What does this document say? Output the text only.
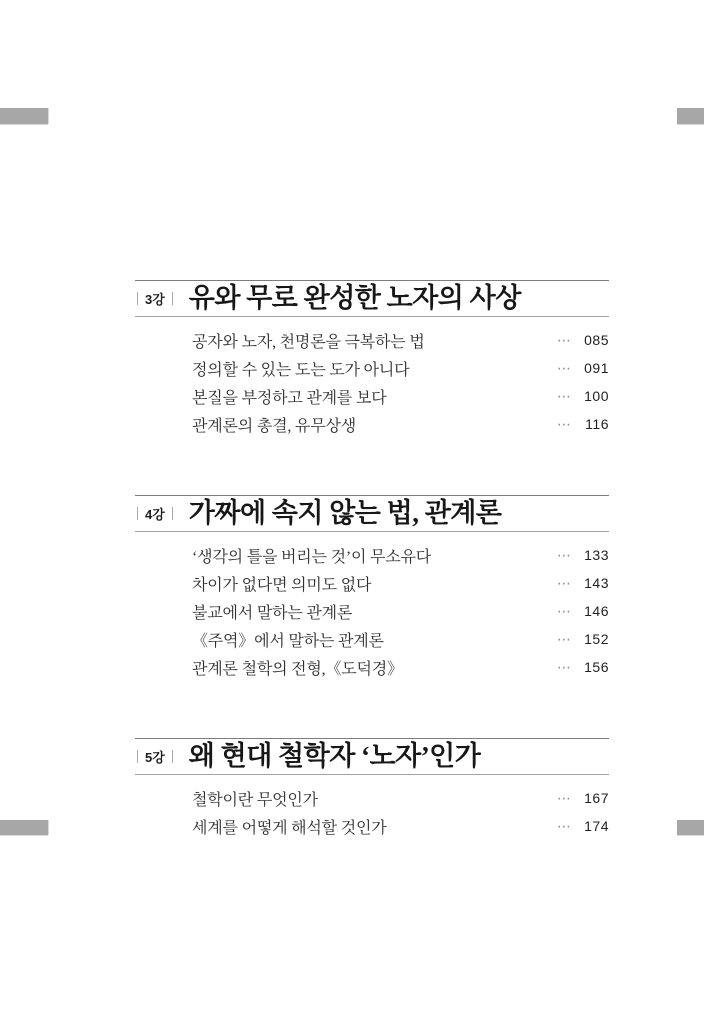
3강 유와 무로 완성한 노자의 사상
공자와 노자, 천명론을 극복하는 법	⋯ 085
정의할 수 있는 도는 도가 아니다	⋯ 091
본질을 부정하고 관계를 보다	⋯ 100
관계론의 총결, 유무상생	⋯ 116
4강 가짜에 속지 않는 법, 관계론
‘생각의 틀을 버리는 것’이 무소유다	⋯ 133
차이가 없다면 의미도 없다	⋯ 143
불교에서 말하는 관계론	⋯ 146
《주역》에서 말하는 관계론	⋯ 152
관계론 철학의 전형,《도덕경》	⋯ 156
5강 왜 현대 철학자 ‘노자’인가
철학이란 무엇인가	⋯ 167
세계를 어떻게 해석할 것인가	⋯ 174
